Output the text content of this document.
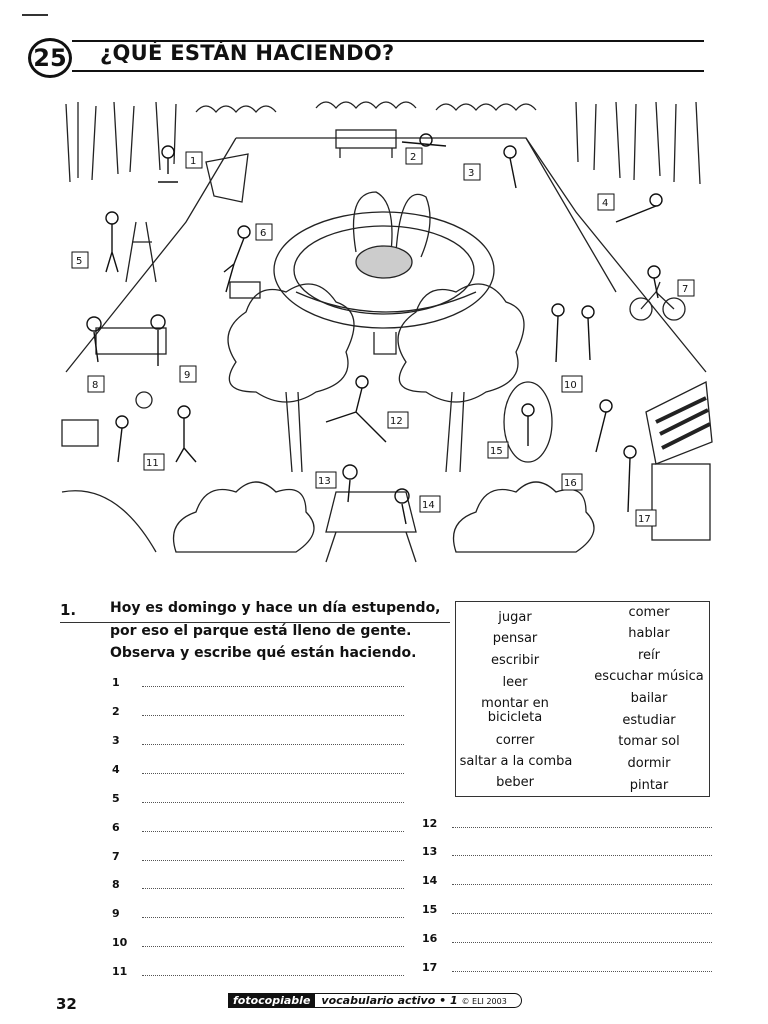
25 ¿QUÉ ESTÁN HACIENDO?
1	2
3
4
5
6
7
8
9
10
11
12
13
14
15
16
17
1. Hoy es domingo y hace un día estupendo,
por eso el parque está lleno de gente.
Observa y escribe qué están haciendo.
jugar
pensar
escribir
leer
montar en
bicicleta
correr
saltar a la comba
beber
comer
hablar
reír
escuchar música
bailar
estudiar
tomar sol
dormir
pintar
1
2
3
4
5
6
7
8
9
10
11
12
13
14
15
16
17
32	fotocopiable	vocabulario activo • 1 © ELI 2003
